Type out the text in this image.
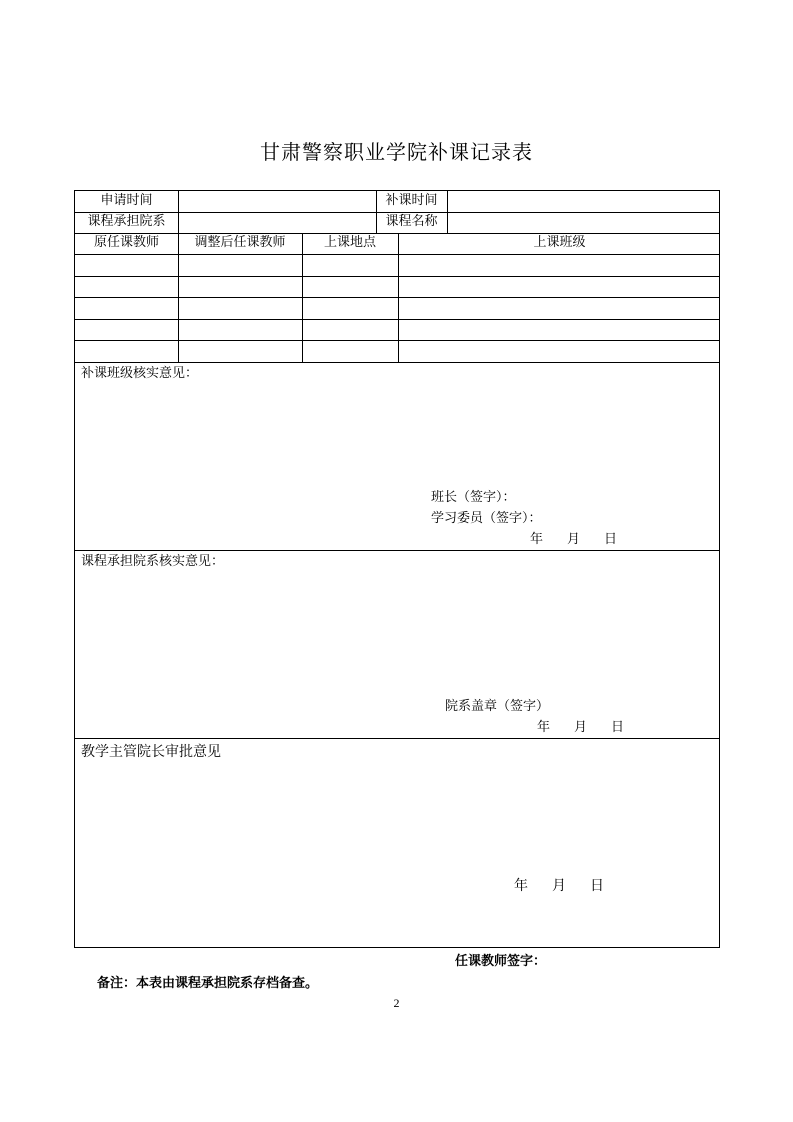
甘肃警察职业学院补课记录表
申请时间	补课时间
课程承担院系	课程名称
原任课教师	调整后任课教师	上课地点	上课班级
补课班级核实意见：
班长（签字）：
学习委员（签字）：
年 月 日
课程承担院系核实意见：
院系盖章（签字）
年 月 日
教学主管院长审批意见
年 月 日
任课教师签字：
备注：本表由课程承担院系存档备查。
2
